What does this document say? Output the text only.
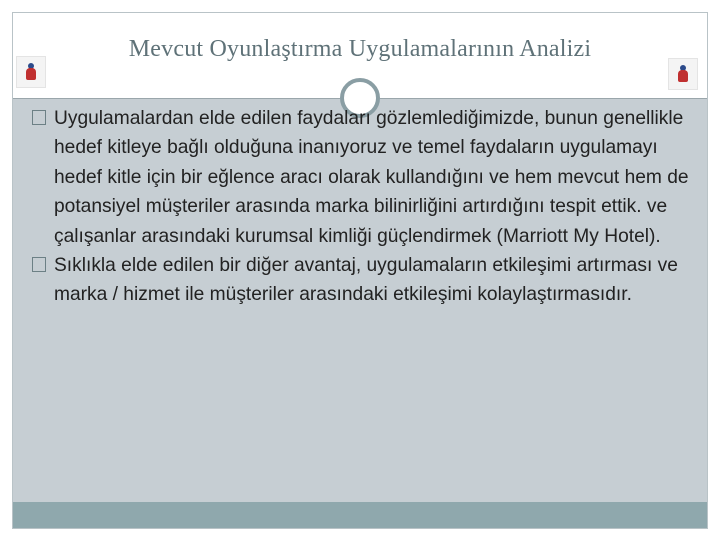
Mevcut Oyunlaştırma Uygulamalarının Analizi

Uygulamalardan elde edilen faydaları gözlemlediğimizde, bunun genellikle hedef kitleye bağlı olduğuna inanıyoruz ve temel faydaların uygulamayı hedef kitle için bir eğlence aracı olarak kullandığını ve hem mevcut hem de potansiyel müşteriler arasında marka bilinirliğini artırdığını tespit ettik. ve çalışanlar arasındaki kurumsal kimliği güçlendirmek (Marriott My Hotel).

Sıklıkla elde edilen bir diğer avantaj, uygulamaların etkileşimi artırması ve marka / hizmet ile müşteriler arasındaki etkileşimi kolaylaştırmasıdır.
